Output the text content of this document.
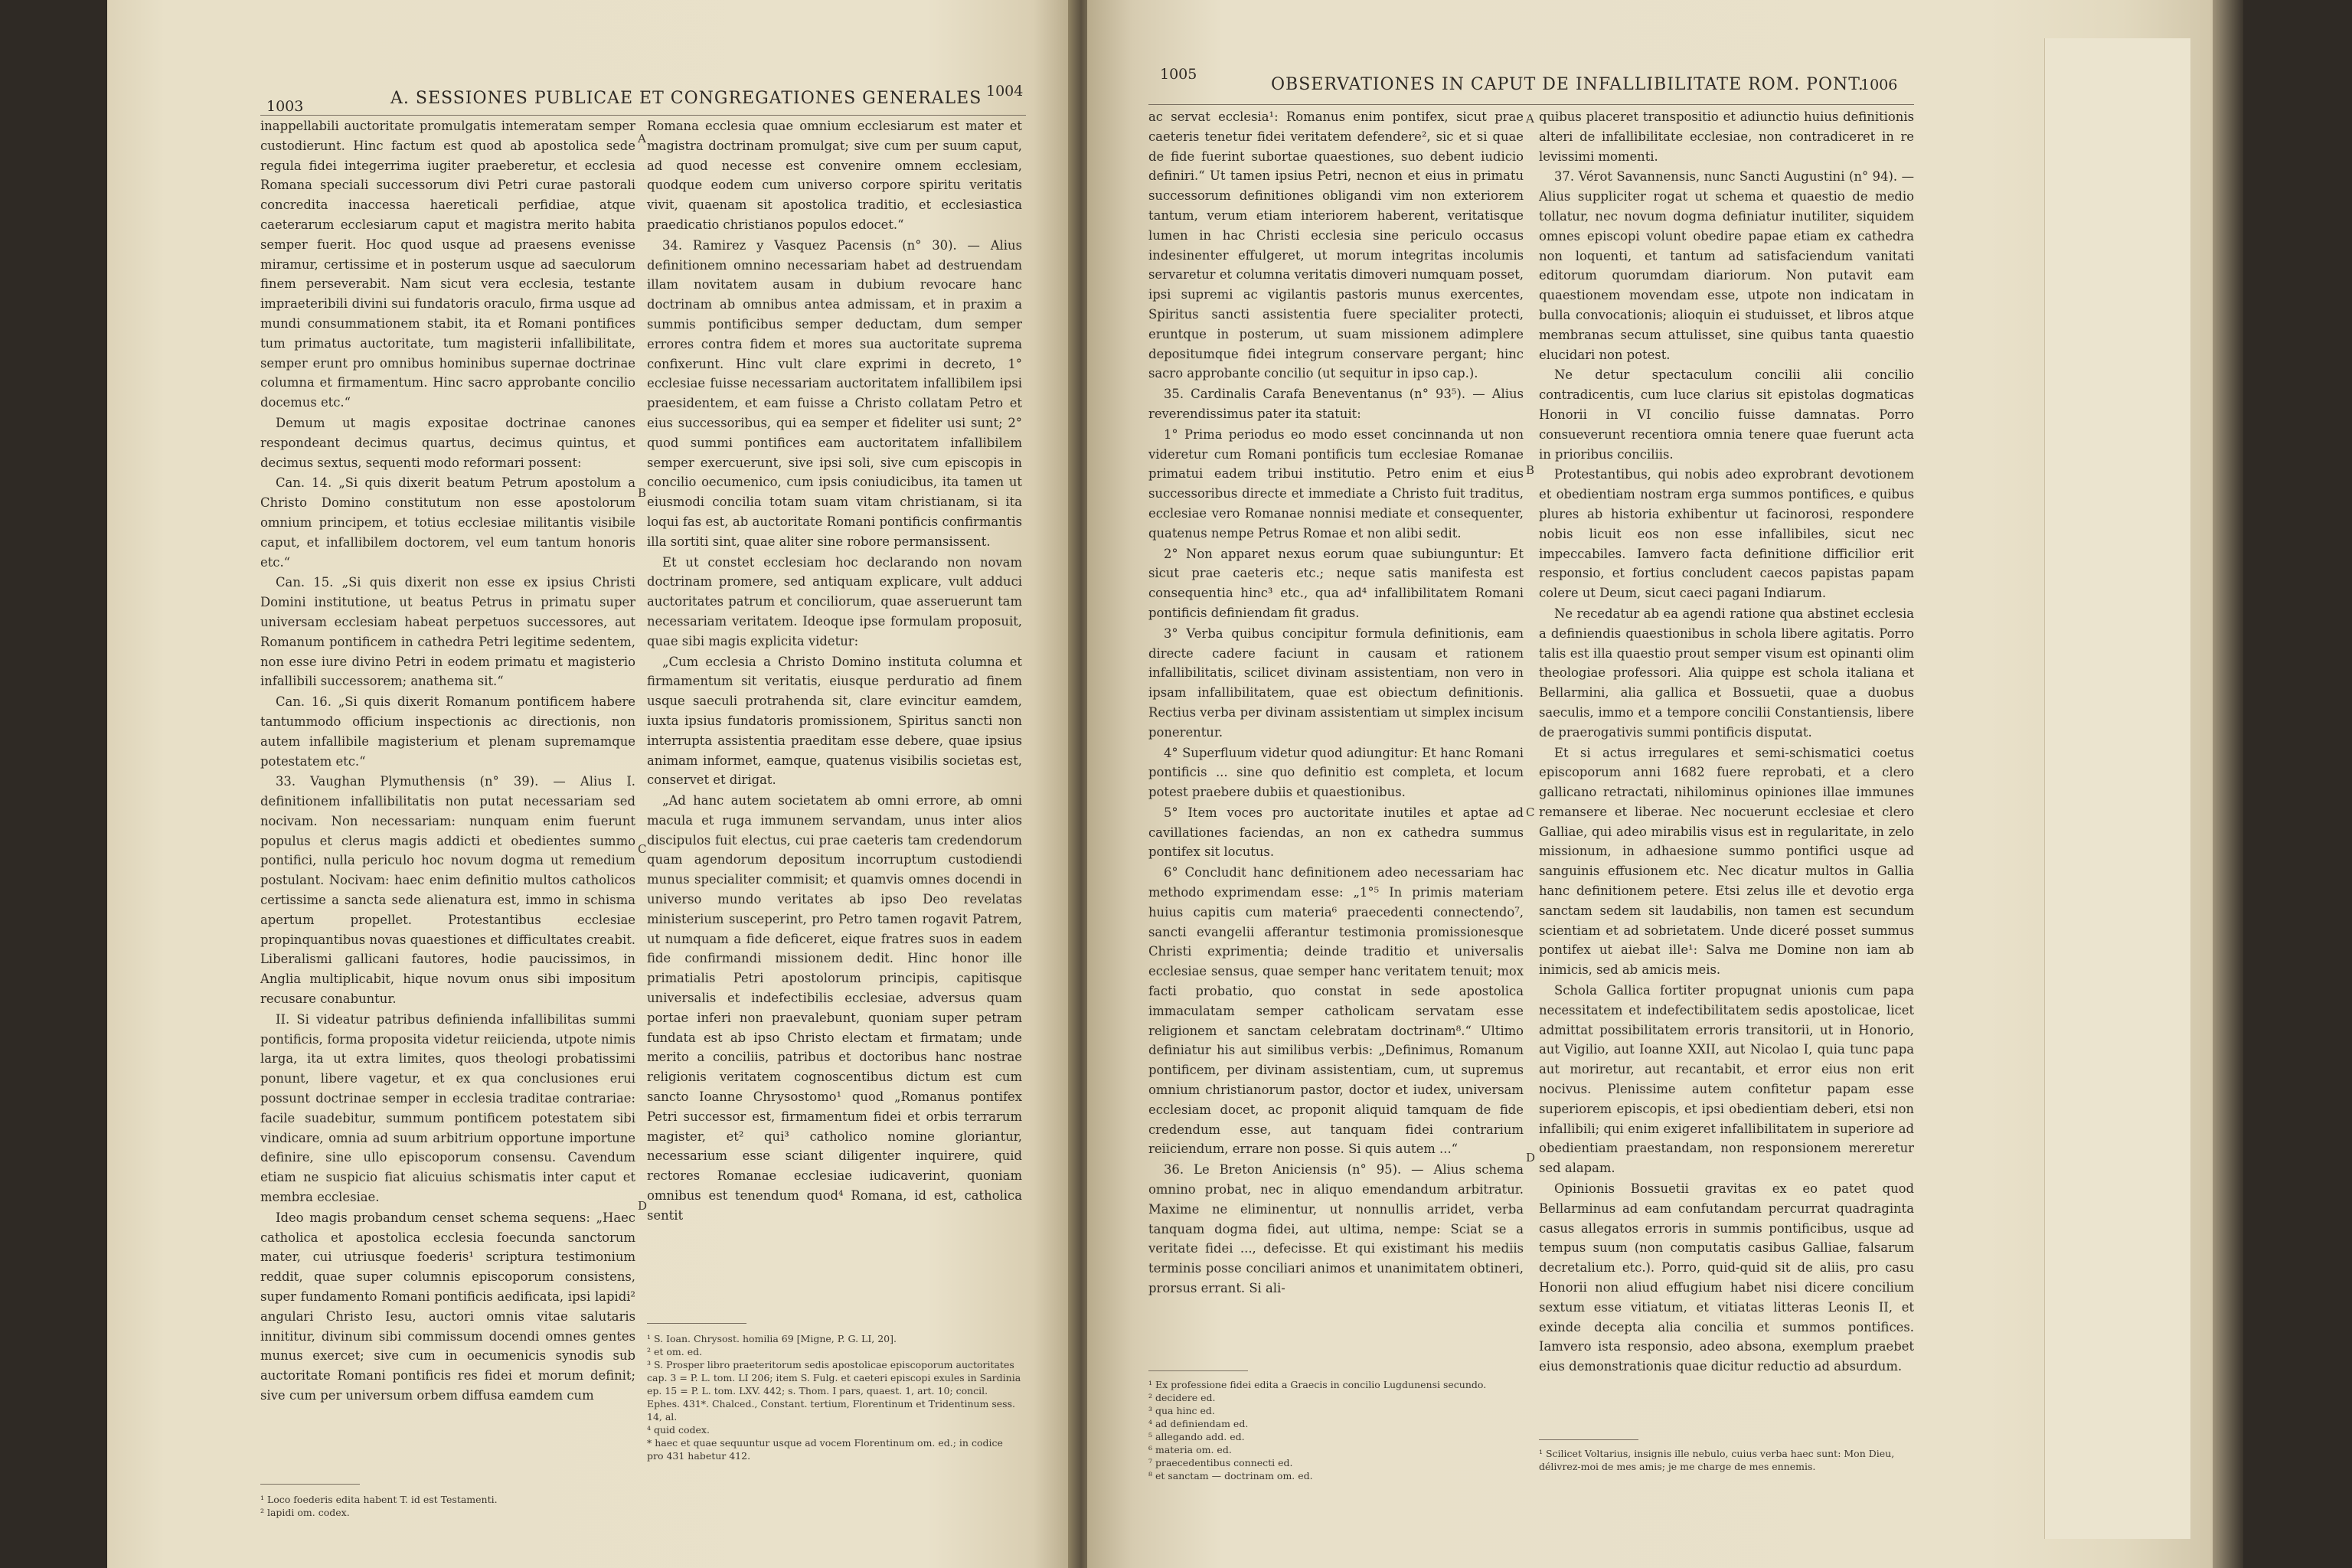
1003	A. SESSIONES PUBLICAE ET CONGREGATIONES GENERALES 1004

inappellabili auctoritate promulgatis intemeratam semper custodierunt. Hinc factum est quod ab apostolica sede regula fidei integerrima iugiter praeberetur, et ecclesia Romana speciali successorum divi Petri curae pastorali concredita inaccessa haereticali perfidiae, atque caeterarum ecclesiarum caput et magistra merito habita semper fuerit. Hoc quod usque ad praesens evenisse miramur, certissime et in posterum usque ad saeculorum finem perseverabit. Nam sicut vera ecclesia, testante impraeteribili divini sui fundatoris oraculo, firma usque ad mundi consummationem stabit, ita et Romani pontifices tum primatus auctoritate, tum magisterii infallibilitate, semper erunt pro omnibus hominibus supernae doctrinae columna et firmamentum. Hinc sacro approbante concilio docemus etc.“

Demum ut magis expositae doctrinae canones respondeant decimus quartus, decimus quintus, et decimus sextus, sequenti modo reformari possent:

Can. 14. „Si quis dixerit beatum Petrum apostolum a Christo Domino constitutum non esse apostolorum omnium principem, et totius ecclesiae militantis visibile caput, et infallibilem doctorem, vel eum tantum honoris etc.“

Can. 15. „Si quis dixerit non esse ex ipsius Christi Domini institutione, ut beatus Petrus in primatu super universam ecclesiam habeat perpetuos successores, aut Romanum pontificem in cathedra Petri legitime sedentem, non esse iure divino Petri in eodem primatu et magisterio infallibili successorem; anathema sit.“

Can. 16. „Si quis dixerit Romanum pontificem habere tantummodo officium inspectionis ac directionis, non autem infallibile magisterium et plenam supremamque potestatem etc.“

33. Vaughan Plymuthensis (n° 39). — Alius I. definitionem infallibilitatis non putat necessariam sed nocivam. Non necessariam: nunquam enim fuerunt populus et clerus magis addicti et obedientes summo pontifici, nulla periculo hoc novum dogma ut remedium postulant. Nocivam: haec enim definitio multos catholicos certissime a sancta sede alienatura est, immo in schisma apertum propellet. Protestantibus ecclesiae propinquantibus novas quaestiones et difficultates creabit. Liberalismi gallicani fautores, hodie paucissimos, in Anglia multiplicabit, hique novum onus sibi impositum recusare conabuntur.

II. Si videatur patribus definienda infallibilitas summi pontificis, forma proposita videtur reiicienda, utpote nimis larga, ita ut extra limites, quos theologi probatissimi ponunt, libere vagetur, et ex qua conclusiones erui possunt doctrinae semper in ecclesia traditae contrariae: facile suadebitur, summum pontificem potestatem sibi vindicare, omnia ad suum arbitrium opportune importune definire, sine ullo episcoporum consensu. Cavendum etiam ne suspicio fiat alicuius schismatis inter caput et membra ecclesiae.

Ideo magis probandum censet schema sequens: „Haec catholica et apostolica ecclesia foecunda sanctorum mater, cui utriusque foederis¹ scriptura testimonium reddit, quae super columnis episcoporum consistens, super fundamento Romani pontificis aedificata, ipsi lapidi² angulari Christo Iesu, auctori omnis vitae salutaris innititur, divinum sibi commissum docendi omnes gentes munus exercet; sive cum in oecumenicis synodis sub auctoritate Romani pontificis res fidei et morum definit; sive cum per universum orbem diffusa eamdem cum

Romana ecclesia quae omnium ecclesiarum est mater et magistra doctrinam promulgat; sive cum per suum caput, ad quod necesse est convenire omnem ecclesiam, quodque eodem cum universo corpore spiritu veritatis vivit, quaenam sit apostolica traditio, et ecclesiastica praedicatio christianos populos edocet.“

34. Ramirez y Vasquez Pacensis (n° 30). — Alius definitionem omnino necessariam habet ad destruendam illam novitatem ausam in dubium revocare hanc doctrinam ab omnibus antea admissam, et in praxim a summis pontificibus semper deductam, dum semper errores contra fidem et mores sua auctoritate suprema confixerunt. Hinc vult clare exprimi in decreto, 1° ecclesiae fuisse necessariam auctoritatem infallibilem ipsi praesidentem, et eam fuisse a Christo collatam Petro et eius successoribus, qui ea semper et fideliter usi sunt; 2° quod summi pontifices eam auctoritatem infallibilem semper exercuerunt, sive ipsi soli, sive cum episcopis in concilio oecumenico, cum ipsis coniudicibus, ita tamen ut eiusmodi concilia totam suam vitam christianam, si ita loqui fas est, ab auctoritate Romani pontificis confirmantis illa sortiti sint, quae aliter sine robore permansissent.

Et ut constet ecclesiam hoc declarando non novam doctrinam promere, sed antiquam explicare, vult adduci auctoritates patrum et conciliorum, quae asseruerunt tam necessariam veritatem. Ideoque ipse formulam proposuit, quae sibi magis explicita videtur:

„Cum ecclesia a Christo Domino instituta columna et firmamentum sit veritatis, eiusque perduratio ad finem usque saeculi protrahenda sit, clare evincitur eamdem, iuxta ipsius fundatoris promissionem, Spiritus sancti non interrupta assistentia praeditam esse debere, quae ipsius animam informet, eamque, quatenus visibilis societas est, conservet et dirigat.

„Ad hanc autem societatem ab omni errore, ab omni macula et ruga immunem servandam, unus inter alios discipulos fuit electus, cui prae caeteris tam credendorum quam agendorum depositum incorruptum custodiendi munus specialiter commisit; et quamvis omnes docendi in universo mundo veritates ab ipso Deo revelatas ministerium susceperint, pro Petro tamen rogavit Patrem, ut numquam a fide deficeret, eique fratres suos in eadem fide confirmandi missionem dedit. Hinc honor ille primatialis Petri apostolorum principis, capitisque universalis et indefectibilis ecclesiae, adversus quam portae inferi non praevalebunt, quoniam super petram fundata est ab ipso Christo electam et firmatam; unde merito a conciliis, patribus et doctoribus hanc nostrae religionis veritatem cognoscentibus dictum est cum sancto Ioanne Chrysostomo¹ quod „Romanus pontifex Petri successor est, firmamentum fidei et orbis terrarum magister, et² qui³ catholico nomine gloriantur, necessarium esse sciant diligenter inquirere, quid rectores Romanae ecclesiae iudicaverint, quoniam omnibus est tenendum quod⁴ Romana, id est, catholica sentit

A
B
C
D
¹ Loco foederis edita habent T. id est Testamenti.
² lapidi om. codex.
¹ S. Ioan. Chrysost. homilia 69 [Migne, P. G. LI, 20].
² et om. ed.
³ S. Prosper libro praeteritorum sedis apostolicae episcoporum auctoritates cap. 3 = P. L. tom. LI 206; item S. Fulg. et caeteri episcopi exules in Sardinia ep. 15 = P. L. tom. LXV. 442; s. Thom. I pars, quaest. 1, art. 10; concil. Ephes. 431*. Chalced., Constant. tertium, Florentinum et Tridentinum sess. 14, al.
⁴ quid codex.
* haec et quae sequuntur usque ad vocem Florentinum om. ed.; in codice pro 431 habetur 412.
1005
OBSERVATIONES IN CAPUT DE INFALLIBILITATE ROM. PONT.
1006

ac servat ecclesia¹: Romanus enim pontifex, sicut prae caeteris tenetur fidei veritatem defendere², sic et si quae de fide fuerint subortae quaestiones, suo debent iudicio definiri.“ Ut tamen ipsius Petri, necnon et eius in primatu successorum definitiones obligandi vim non exteriorem tantum, verum etiam interiorem haberent, veritatisque lumen in hac Christi ecclesia sine periculo occasus indesinenter effulgeret, ut morum integritas incolumis servaretur et columna veritatis dimoveri numquam posset, ipsi supremi ac vigilantis pastoris munus exercentes, Spiritus sancti assistentia fuere specialiter protecti, eruntque in posterum, ut suam missionem adimplere depositumque fidei integrum conservare pergant; hinc sacro approbante concilio (ut sequitur in ipso cap.).

35. Cardinalis Carafa Beneventanus (n° 93⁵). — Alius reverendissimus pater ita statuit:

1° Prima periodus eo modo esset concinnanda ut non videretur cum Romani pontificis tum ecclesiae Romanae primatui eadem tribui institutio. Petro enim et eius successoribus directe et immediate a Christo fuit traditus, ecclesiae vero Romanae nonnisi mediate et consequenter, quatenus nempe Petrus Romae et non alibi sedit.

2° Non apparet nexus eorum quae subiunguntur: Et sicut prae caeteris etc.; neque satis manifesta est consequentia hinc³ etc., qua ad⁴ infallibilitatem Romani pontificis definiendam fit gradus.

3° Verba quibus concipitur formula definitionis, eam directe cadere faciunt in causam et rationem infallibilitatis, scilicet divinam assistentiam, non vero in ipsam infallibilitatem, quae est obiectum definitionis. Rectius verba per divinam assistentiam ut simplex incisum ponerentur.

4° Superfluum videtur quod adiungitur: Et hanc Romani pontificis ... sine quo definitio est completa, et locum potest praebere dubiis et quaestionibus.

5° Item voces pro auctoritate inutiles et aptae ad cavillationes faciendas, an non ex cathedra summus pontifex sit locutus.

6° Concludit hanc definitionem adeo necessariam hac methodo exprimendam esse: „1°⁵ In primis materiam huius capitis cum materia⁶ praecedenti connectendo⁷, sancti evangelii afferantur testimonia promissionesque Christi exprimentia; deinde traditio et universalis ecclesiae sensus, quae semper hanc veritatem tenuit; mox facti probatio, quo constat in sede apostolica immaculatam semper catholicam servatam esse religionem et sanctam celebratam doctrinam⁸.“ Ultimo definiatur his aut similibus verbis: „Definimus, Romanum pontificem, per divinam assistentiam, cum, ut supremus omnium christianorum pastor, doctor et iudex, universam ecclesiam docet, ac proponit aliquid tamquam de fide credendum esse, aut tanquam fidei contrarium reiiciendum, errare non posse. Si quis autem ...“

36. Le Breton Aniciensis (n° 95). — Alius schema omnino probat, nec in aliquo emendandum arbitratur. Maxime ne eliminentur, ut nonnullis arridet, verba tanquam dogma fidei, aut ultima, nempe: Sciat se a veritate fidei ..., defecisse. Et qui existimant his mediis terminis posse conciliari animos et unanimitatem obtineri, prorsus errant. Si ali-

quibus placeret transpositio et adiunctio huius definitionis alteri de infallibilitate ecclesiae, non contradiceret in re levissimi momenti.

37. Vérot Savannensis, nunc Sancti Augustini (n° 94). — Alius suppliciter rogat ut schema et quaestio de medio tollatur, nec novum dogma definiatur inutiliter, siquidem omnes episcopi volunt obedire papae etiam ex cathedra non loquenti, et tantum ad satisfaciendum vanitati editorum quorumdam diariorum. Non putavit eam quaestionem movendam esse, utpote non indicatam in bulla convocationis; alioquin ei studuisset, et libros atque membranas secum attulisset, sine quibus tanta quaestio elucidari non potest.

Ne detur spectaculum concilii alii concilio contradicentis, cum luce clarius sit epistolas dogmaticas Honorii in VI concilio fuisse damnatas. Porro consueverunt recentiora omnia tenere quae fuerunt acta in prioribus conciliis.

Protestantibus, qui nobis adeo exprobrant devotionem et obedientiam nostram erga summos pontifices, e quibus plures ab historia exhibentur ut facinorosi, respondere nobis licuit eos non esse infallibiles, sicut nec impeccabiles. Iamvero facta definitione difficilior erit responsio, et fortius concludent caecos papistas papam colere ut Deum, sicut caeci pagani Indiarum.

Ne recedatur ab ea agendi ratione qua abstinet ecclesia a definiendis quaestionibus in schola libere agitatis. Porro talis est illa quaestio prout semper visum est opinanti olim theologiae professori. Alia quippe est schola italiana et Bellarmini, alia gallica et Bossuetii, quae a duobus saeculis, immo et a tempore concilii Constantiensis, libere de praerogativis summi pontificis disputat.

Et si actus irregulares et semi-schismatici coetus episcoporum anni 1682 fuere reprobati, et a clero gallicano retractati, nihilominus opiniones illae immunes remansere et liberae. Nec nocuerunt ecclesiae et clero Galliae, qui adeo mirabilis visus est in regularitate, in zelo missionum, in adhaesione summo pontifici usque ad sanguinis effusionem etc. Nec dicatur multos in Gallia hanc definitionem petere. Etsi zelus ille et devotio erga sanctam sedem sit laudabilis, non tamen est secundum scientiam et ad sobrietatem. Unde diceré posset summus pontifex ut aiebat ille¹: Salva me Domine non iam ab inimicis, sed ab amicis meis.

Schola Gallica fortiter propugnat unionis cum papa necessitatem et indefectibilitatem sedis apostolicae, licet admittat possibilitatem erroris transitorii, ut in Honorio, aut Vigilio, aut Ioanne XXII, aut Nicolao I, quia tunc papa aut moriretur, aut recantabit, et error eius non erit nocivus. Plenissime autem confitetur papam esse superiorem episcopis, et ipsi obedientiam deberi, etsi non infallibili; qui enim exigeret infallibilitatem in superiore ad obedientiam praestandam, non responsionem mereretur sed alapam.

Opinionis Bossuetii gravitas ex eo patet quod Bellarminus ad eam confutandam percurrat quadraginta casus allegatos erroris in summis pontificibus, usque ad tempus suum (non computatis casibus Galliae, falsarum decretalium etc.). Porro, quid-quid sit de aliis, pro casu Honorii non aliud effugium habet nisi dicere concilium sextum esse vitiatum, et vitiatas litteras Leonis II, et exinde decepta alia concilia et summos pontifices. Iamvero ista responsio, adeo absona, exemplum praebet eius demonstrationis quae dicitur reductio ad absurdum.

A
B
C
D
¹ Ex professione fidei edita a Graecis in concilio Lugdunensi secundo.
² decidere ed.
³ qua hinc ed.
⁴ ad definiendam ed.
⁵ allegando add. ed.
⁶ materia om. ed.
⁷ praecedentibus connecti ed.
⁸ et sanctam — doctrinam om. ed.
¹ Scilicet Voltarius, insignis ille nebulo, cuius verba haec sunt: Mon Dieu, délivrez-moi de mes amis; je me charge de mes ennemis.
